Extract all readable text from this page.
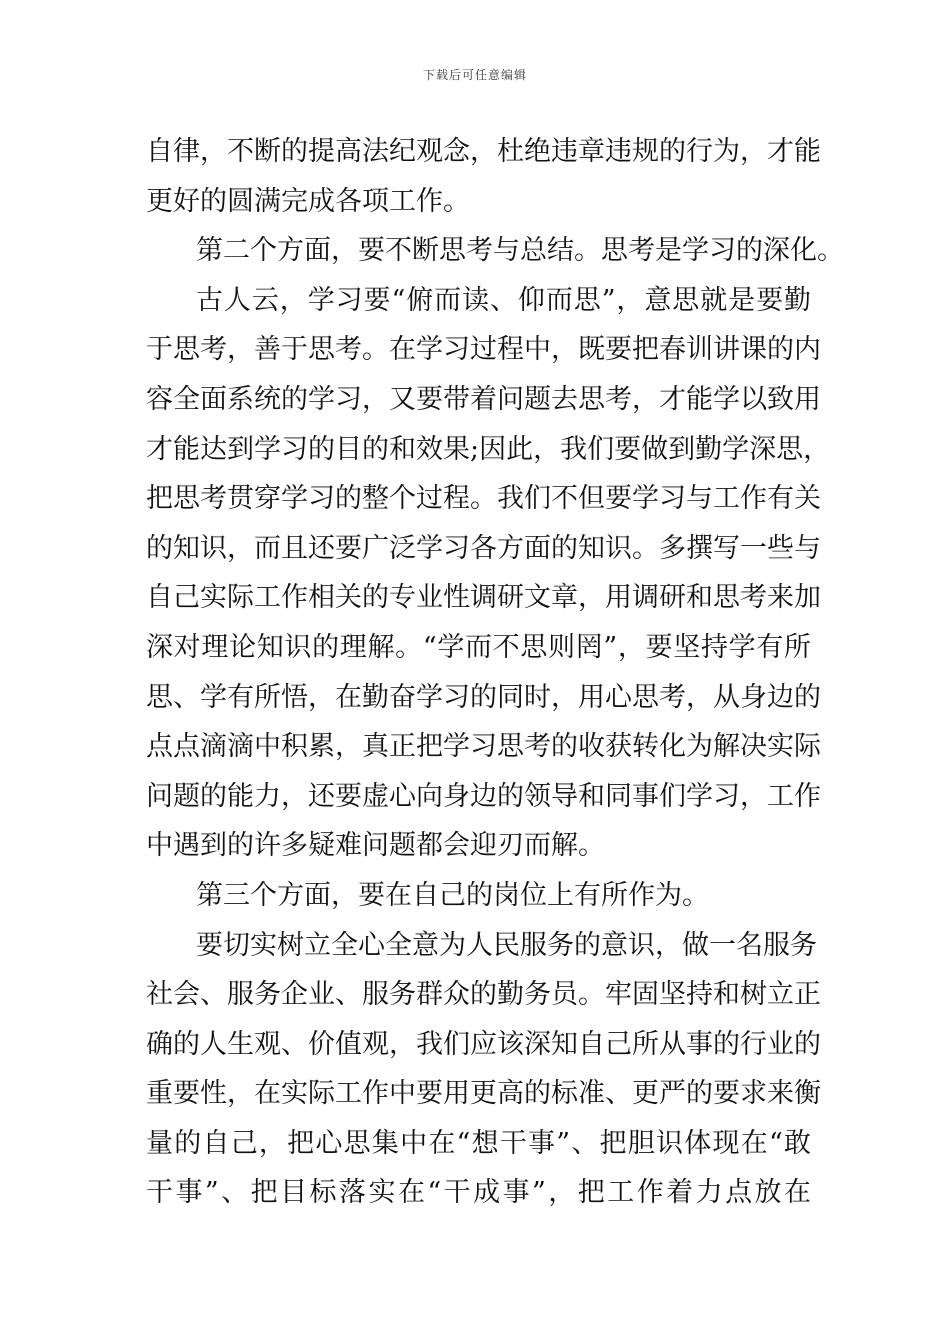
下载后可任意编辑
自律，不断的提高法纪观念，杜绝违章违规的行为，才能
更好的圆满完成各项工作。
第二个方面，要不断思考与总结。思考是学习的深化。
古人云，学习要“俯而读、仰而思”，意思就是要勤
于思考，善于思考。在学习过程中，既要把春训讲课的内
容全面系统的学习，又要带着问题去思考，才能学以致用
才能达到学习的目的和效果;因此，我们要做到勤学深思，
把思考贯穿学习的整个过程。我们不但要学习与工作有关
的知识，而且还要广泛学习各方面的知识。多撰写一些与
自己实际工作相关的专业性调研文章，用调研和思考来加
深对理论知识的理解。“学而不思则罔”，要坚持学有所
思、学有所悟，在勤奋学习的同时，用心思考，从身边的
点点滴滴中积累，真正把学习思考的收获转化为解决实际
问题的能力，还要虚心向身边的领导和同事们学习，工作
中遇到的许多疑难问题都会迎刃而解。
第三个方面，要在自己的岗位上有所作为。
要切实树立全心全意为人民服务的意识，做一名服务
社会、服务企业、服务群众的勤务员。牢固坚持和树立正
确的人生观、价值观，我们应该深知自己所从事的行业的
重要性，在实际工作中要用更高的标准、更严的要求来衡
量的自己，把心思集中在“想干事”、把胆识体现在“敢
干事”、把目标落实在“干成事”，把工作着力点放在
